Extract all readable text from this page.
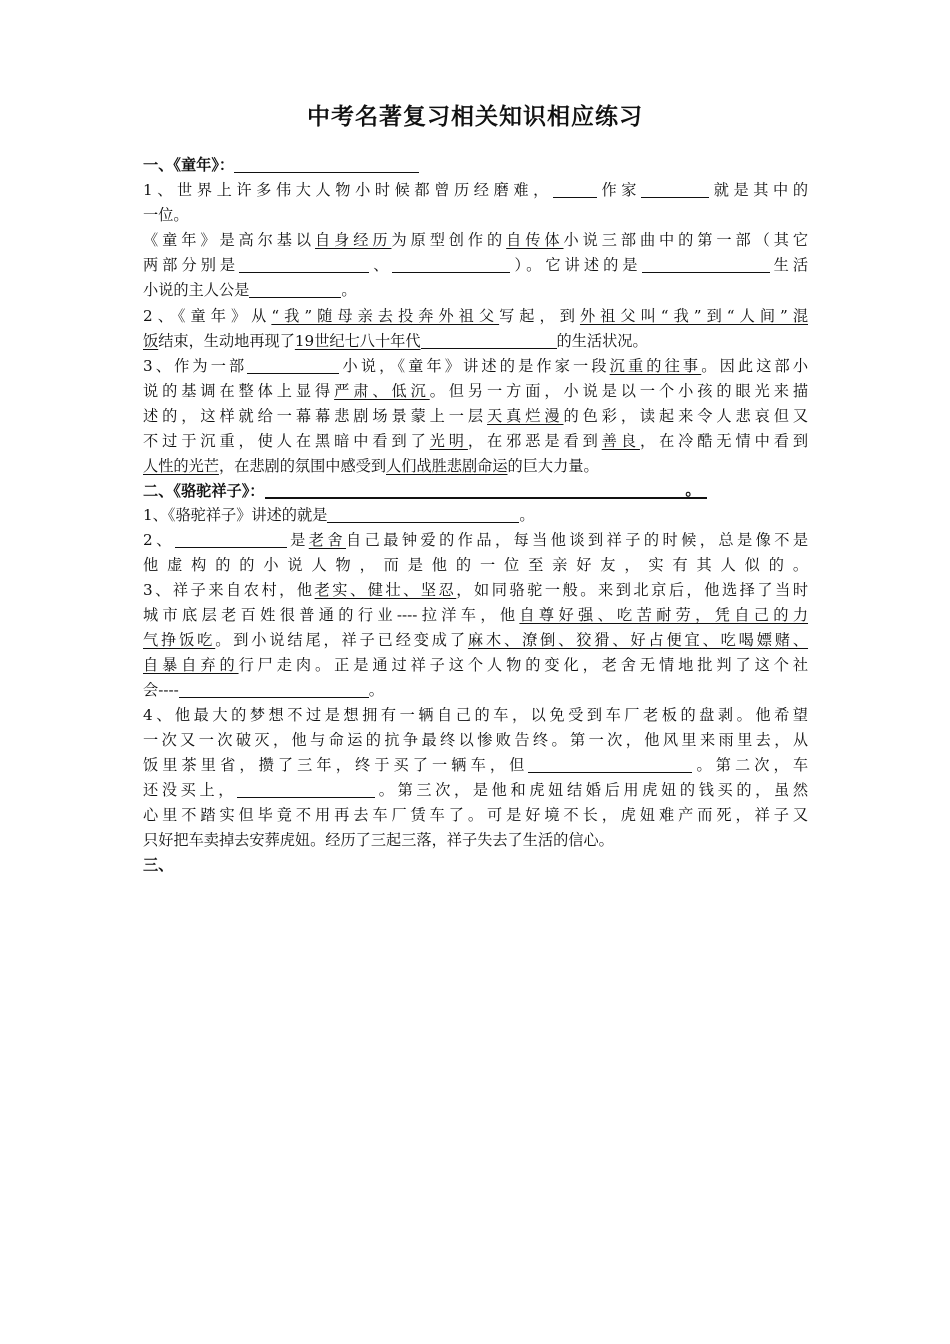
中考名著复习相关知识相应练习
一、《童年》：
1、世界上许多伟大人物小时候都曾历经磨难，	作家	就是其中的
一位。
《童年》是高尔基以自身经历为原型创作的自传体小说三部曲中的第一部（其它
两部分别是	、	）。它讲述的是	生活
小说的主人公是	。
2、《童年》从“我”随母亲去投奔外祖父写起，到外祖父叫“我”到“人间”混
饭结束，生动地再现了19世纪七八十年代	的生活状况。
3、作为一部	小说，《童年》讲述的是作家一段沉重的往事。因此这部小
说的基调在整体上显得严肃、低沉。但另一方面，小说是以一个小孩的眼光来描
述的，这样就给一幕幕悲剧场景蒙上一层天真烂漫的色彩，读起来令人悲哀但又
不过于沉重，使人在黑暗中看到了光明，在邪恶是看到善良，在冷酷无情中看到
人性的光芒，在悲剧的氛围中感受到人们战胜悲剧命运的巨大力量。
二、《骆驼祥子》：	。
1、《骆驼祥子》讲述的就是	。
2、	是老舍自己最钟爱的作品，每当他谈到祥子的时候，总是像不是
他虚构的的小说人物，而是他的一位至亲好友，实有其人似的。
3、祥子来自农村，他老实、健壮、坚忍，如同骆驼一般。来到北京后，他选择了当时
城市底层老百姓很普通的行业----拉洋车，他自尊好强、吃苦耐劳，凭自己的力
气挣饭吃。到小说结尾，祥子已经变成了麻木、潦倒、狡猾、好占便宜、吃喝嫖赌、
自暴自弃的行尸走肉。正是通过祥子这个人物的变化，老舍无情地批判了这个社
会----	。
4、他最大的梦想不过是想拥有一辆自己的车，以免受到车厂老板的盘剥。他希望
一次又一次破灭，他与命运的抗争最终以惨败告终。第一次，他风里来雨里去，从
饭里茶里省，攒了三年，终于买了一辆车，但	。第二次，车
还没买上，	。第三次，是他和虎妞结婚后用虎妞的钱买的，虽然
心里不踏实但毕竟不用再去车厂赁车了。可是好境不长，虎妞难产而死，祥子又
只好把车卖掉去安葬虎妞。经历了三起三落，祥子失去了生活的信心。
三、
